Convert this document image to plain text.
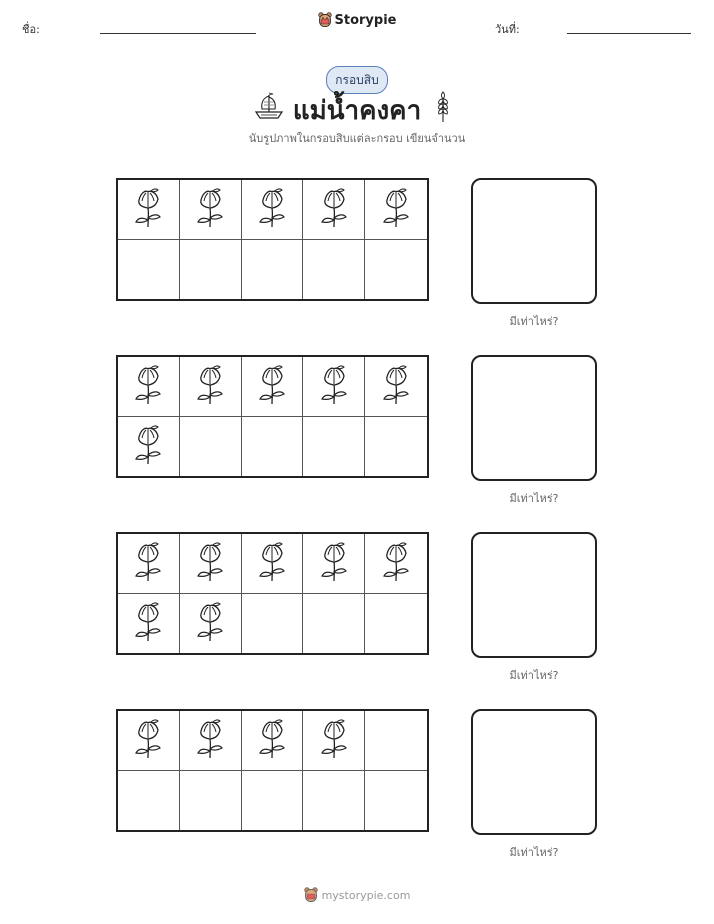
ชื่อ:
Storypie
วันที่:
กรอบสิบ
แม่น้ำคงคา
นับรูปภาพในกรอบสิบแต่ละกรอบ เขียนจำนวน
มีเท่าไหร่?
มีเท่าไหร่?
มีเท่าไหร่?
มีเท่าไหร่?
mystorypie.com
